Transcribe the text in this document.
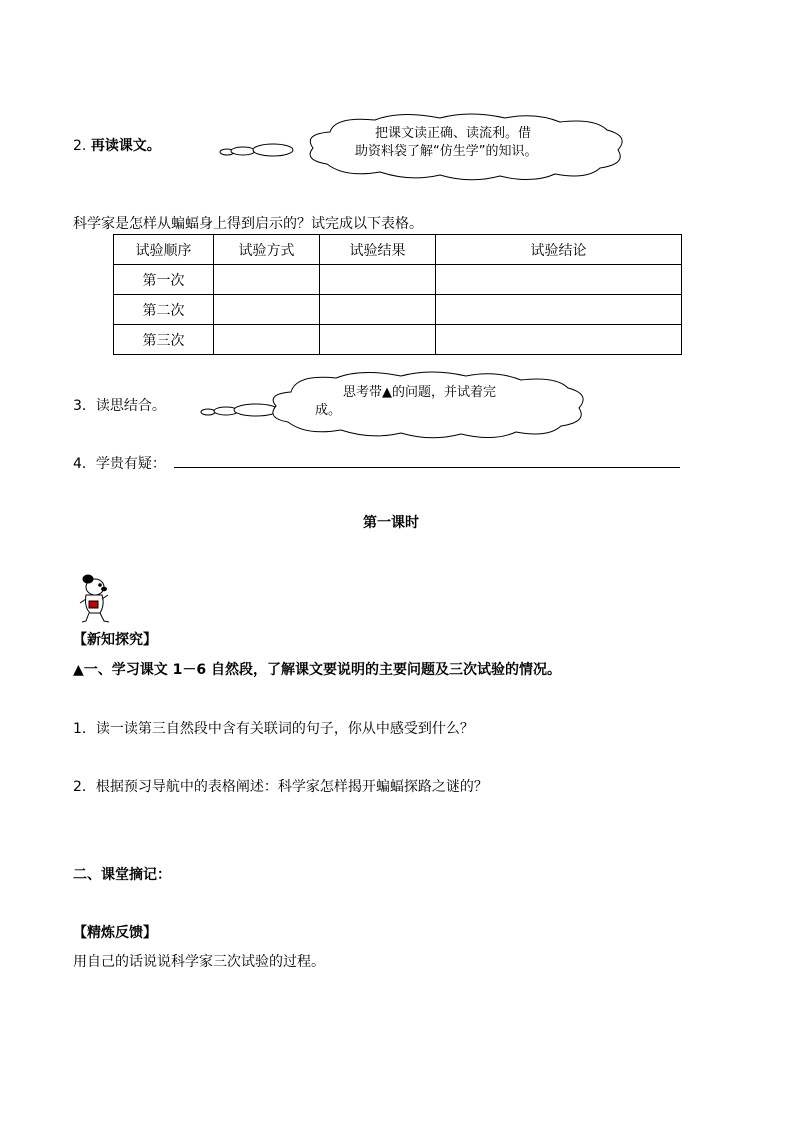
2. 再读课文。
把课文读正确、读流利。借
助资料袋了解“仿生学”的知识。
科学家是怎样从蝙蝠身上得到启示的？试完成以下表格。
试验顺序	试验方式	试验结果	试验结论
第一次			
第二次			
第三次			
3．读思结合。
思考带▲的问题，并试着完
成。
4．学贵有疑：
第一课时
【新知探究】
▲一、学习课文 1－6 自然段，了解课文要说明的主要问题及三次试验的情况。
1．读一读第三自然段中含有关联词的句子，你从中感受到什么？
2．根据预习导航中的表格阐述：科学家怎样揭开蝙蝠探路之谜的？
二、课堂摘记：
【精炼反馈】
用自己的话说说科学家三次试验的过程。
